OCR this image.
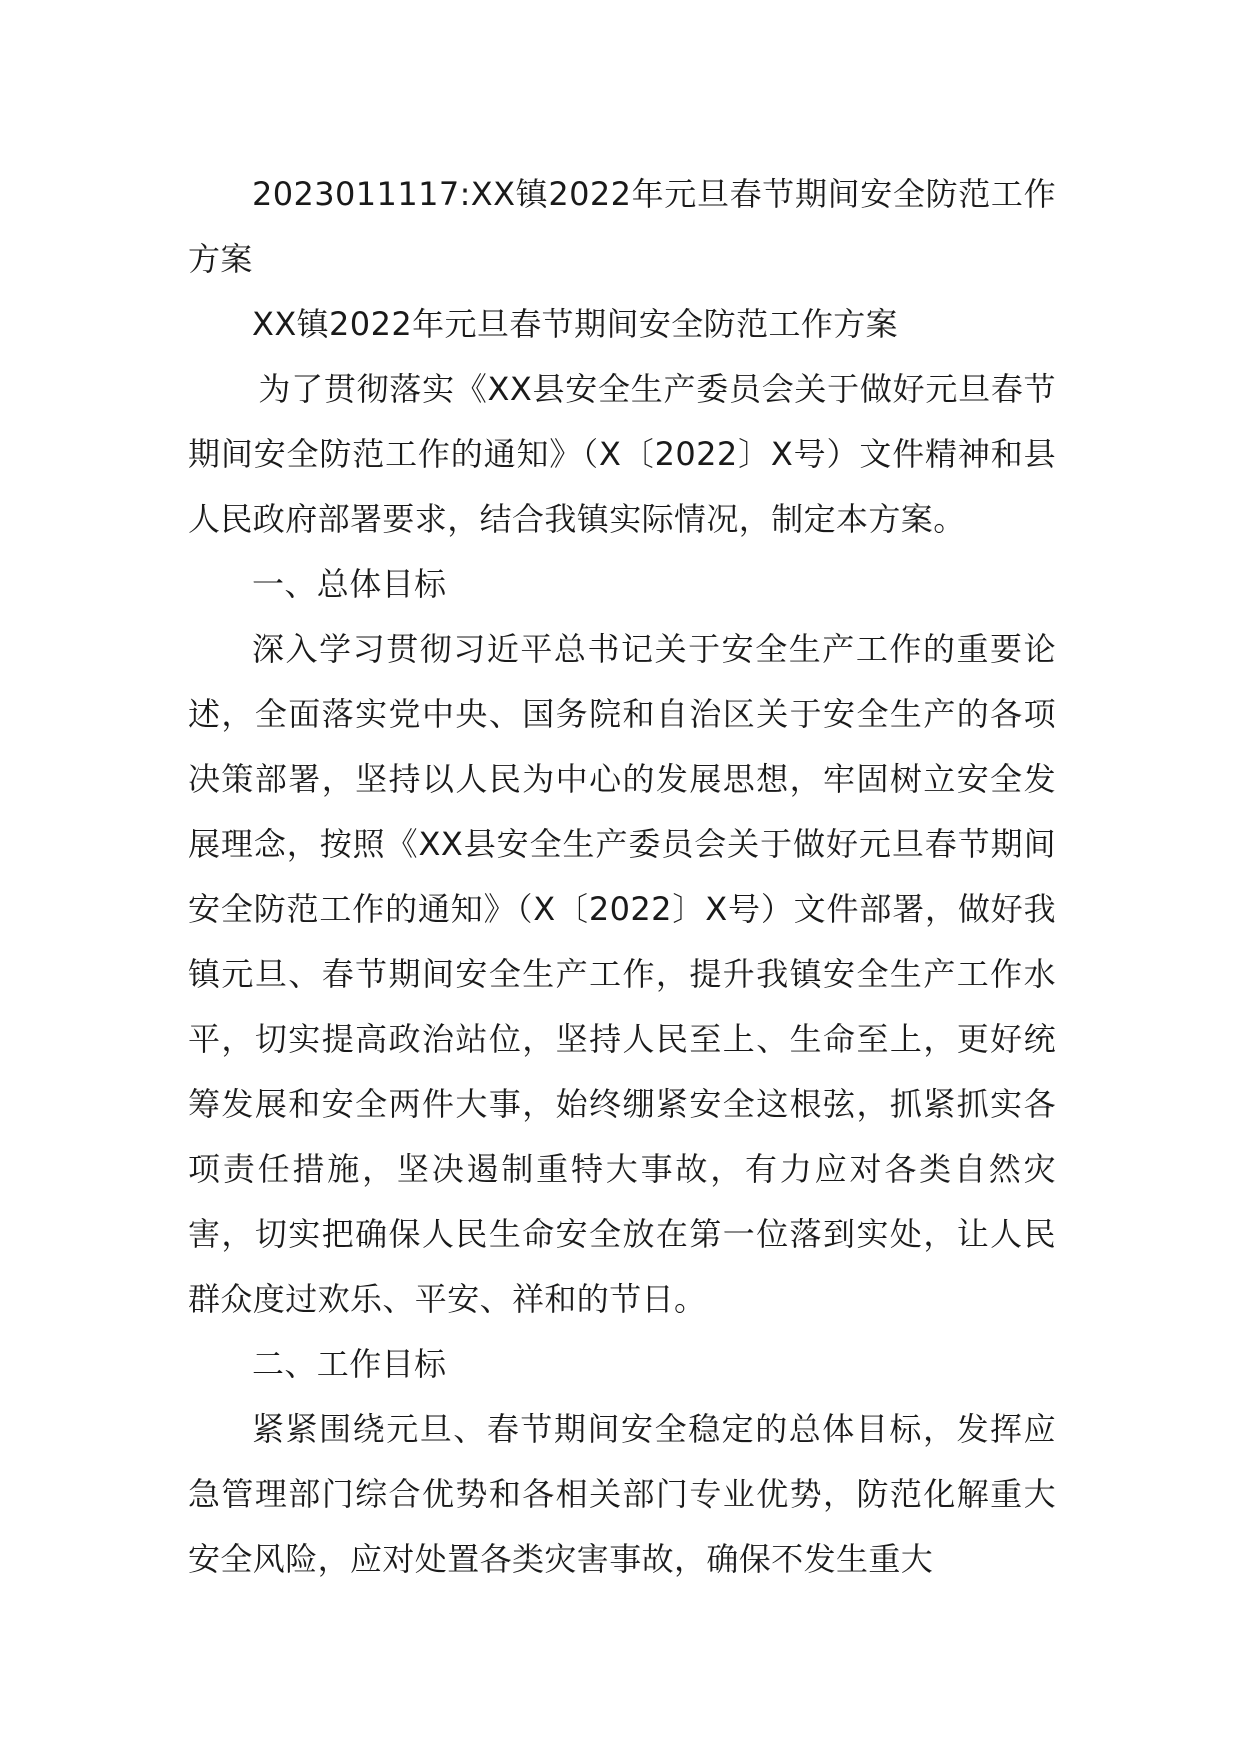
2023011117:XX镇2022年元旦春节期间安全防范工作方案

XX镇2022年元旦春节期间安全防范工作方案

为了贯彻落实《XX县安全生产委员会关于做好元旦春节期间安全防范工作的通知》（X〔2022〕X号）文件精神和县人民政府部署要求，结合我镇实际情况，制定本方案。

一、总体目标

深入学习贯彻习近平总书记关于安全生产工作的重要论述，全面落实党中央、国务院和自治区关于安全生产的各项决策部署，坚持以人民为中心的发展思想，牢固树立安全发展理念，按照《XX县安全生产委员会关于做好元旦春节期间安全防范工作的通知》（X〔2022〕X号）文件部署，做好我镇元旦、春节期间安全生产工作，提升我镇安全生产工作水平，切实提高政治站位，坚持人民至上、生命至上，更好统筹发展和安全两件大事，始终绷紧安全这根弦，抓紧抓实各项责任措施，坚决遏制重特大事故，有力应对各类自然灾害，切实把确保人民生命安全放在第一位落到实处，让人民群众度过欢乐、平安、祥和的节日。

二、工作目标

紧紧围绕元旦、春节期间安全稳定的总体目标，发挥应急管理部门综合优势和各相关部门专业优势，防范化解重大安全风险，应对处置各类灾害事故，确保不发生重大
